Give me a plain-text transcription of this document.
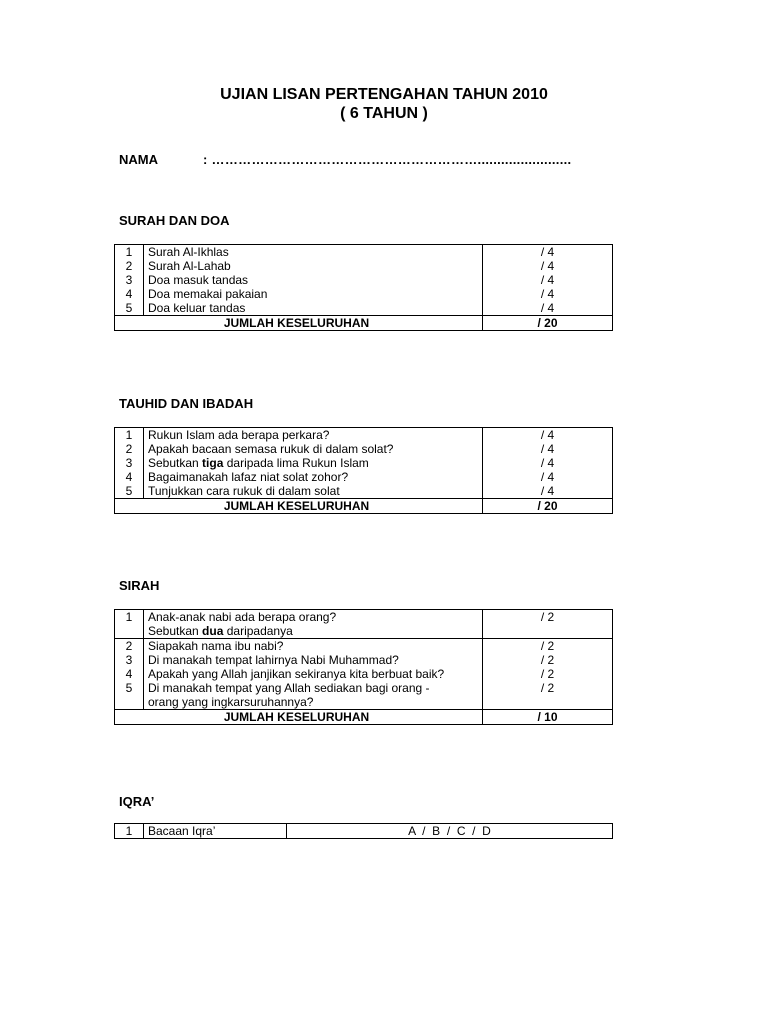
UJIAN LISAN PERTENGAHAN TAHUN 2010
( 6 TAHUN )
NAMA	: ……………………………………………………........................
SURAH DAN DOA
1	Surah Al-Ikhlas	/ 4
2	Surah Al-Lahab	/ 4
3	Doa masuk tandas	/ 4
4	Doa memakai pakaian	/ 4
5	Doa keluar tandas	/ 4
JUMLAH KESELURUHAN		/ 20
TAUHID DAN IBADAH
1	Rukun Islam ada berapa perkara?	/ 4
2	Apakah bacaan semasa rukuk di dalam solat?	/ 4
3	Sebutkan tiga daripada lima Rukun Islam	/ 4
4	Bagaimanakah lafaz niat solat zohor?	/ 4
5	Tunjukkan cara rukuk di dalam solat	/ 4
JUMLAH KESELURUHAN		/ 20
SIRAH
1	Anak-anak nabi ada berapa orang?
Sebutkan dua daripadanya	/ 2
2	Siapakah nama ibu nabi?	/ 2
3	Di manakah tempat lahirnya Nabi Muhammad?	/ 2
4	Apakah yang Allah janjikan sekiranya kita berbuat baik?	/ 2
5	Di manakah tempat yang Allah sediakan bagi orang -
orang yang ingkarsuruhannya?	/ 2
JUMLAH KESELURUHAN		/ 10
IQRA’
1	Bacaan Iqra’	A  /  B  /  C  /  D
